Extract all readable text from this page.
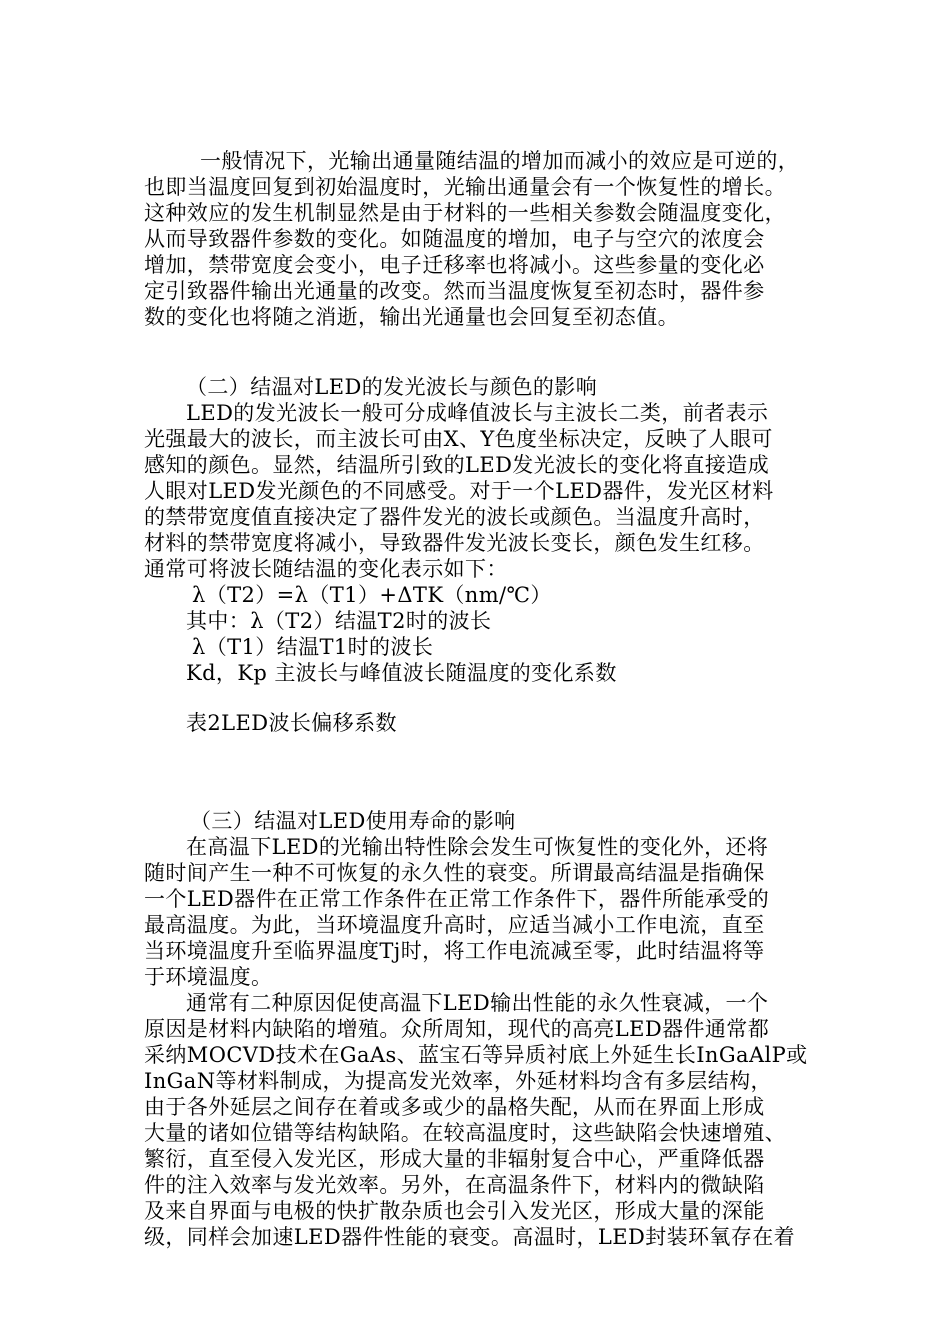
一般情况下，光输出通量随结温的增加而减小的效应是可逆的，
也即当温度回复到初始温度时，光输出通量会有一个恢复性的增长。
这种效应的发生机制显然是由于材料的一些相关参数会随温度变化，
从而导致器件参数的变化。如随温度的增加，电子与空穴的浓度会
增加，禁带宽度会变小，电子迁移率也将减小。这些参量的变化必
定引致器件输出光通量的改变。然而当温度恢复至初态时，器件参
数的变化也将随之消逝，输出光通量也会回复至初态值。
（二）结温对LED的发光波长与颜色的影响
LED的发光波长一般可分成峰值波长与主波长二类，前者表示
光强最大的波长，而主波长可由X、Y色度坐标决定，反映了人眼可
感知的颜色。显然，结温所引致的LED发光波长的变化将直接造成
人眼对LED发光颜色的不同感受。对于一个LED器件，发光区材料
的禁带宽度值直接决定了器件发光的波长或颜色。当温度升高时，
材料的禁带宽度将减小，导致器件发光波长变长，颜色发生红移。
通常可将波长随结温的变化表示如下：
λ（T2）=λ（T1）+ΔTK（nm/℃）
其中：λ（T2）结温T2时的波长
λ（T1）结温T1时的波长
Kd，Kp 主波长与峰值波长随温度的变化系数
表2LED波长偏移系数
（三）结温对LED使用寿命的影响
在高温下LED的光输出特性除会发生可恢复性的变化外，还将
随时间产生一种不可恢复的永久性的衰变。所谓最高结温是指确保
一个LED器件在正常工作条件在正常工作条件下，器件所能承受的
最高温度。为此，当环境温度升高时，应适当减小工作电流，直至
当环境温度升至临界温度Tj时，将工作电流减至零，此时结温将等
于环境温度。
通常有二种原因促使高温下LED输出性能的永久性衰减，一个
原因是材料内缺陷的增殖。众所周知，现代的高亮LED器件通常都
采纳MOCVD技术在GaAs、蓝宝石等异质衬底上外延生长InGaAlP或
InGaN等材料制成，为提高发光效率，外延材料均含有多层结构，
由于各外延层之间存在着或多或少的晶格失配，从而在界面上形成
大量的诸如位错等结构缺陷。在较高温度时，这些缺陷会快速增殖、
繁衍，直至侵入发光区，形成大量的非辐射复合中心，严重降低器
件的注入效率与发光效率。另外，在高温条件下，材料内的微缺陷
及来自界面与电极的快扩散杂质也会引入发光区，形成大量的深能
级，同样会加速LED器件性能的衰变。高温时，LED封装环氧存在着
